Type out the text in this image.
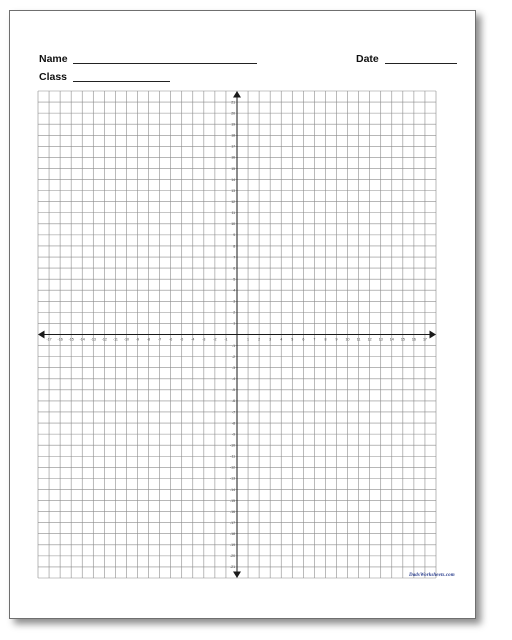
Name	Date
Class
-17 -16 -15 -14 -13 -12 -11 -10 -9 -8 -7 -6 -5 -4 -3 -2 -1	1	2	3	4	5	6	7	8	9 10 11 12 13 14 15 16 17
-21
-20
-19
-18
-17
-16
-15
-14
-13
-12
-11
-10
-9
-8
-7
-6
-5
-4
-3
-2
-1
1
2
3
4
5
6
7
8
9
10
11
12
13
14
15
16
17
18
19
20
21
DadsWorksheets.com
